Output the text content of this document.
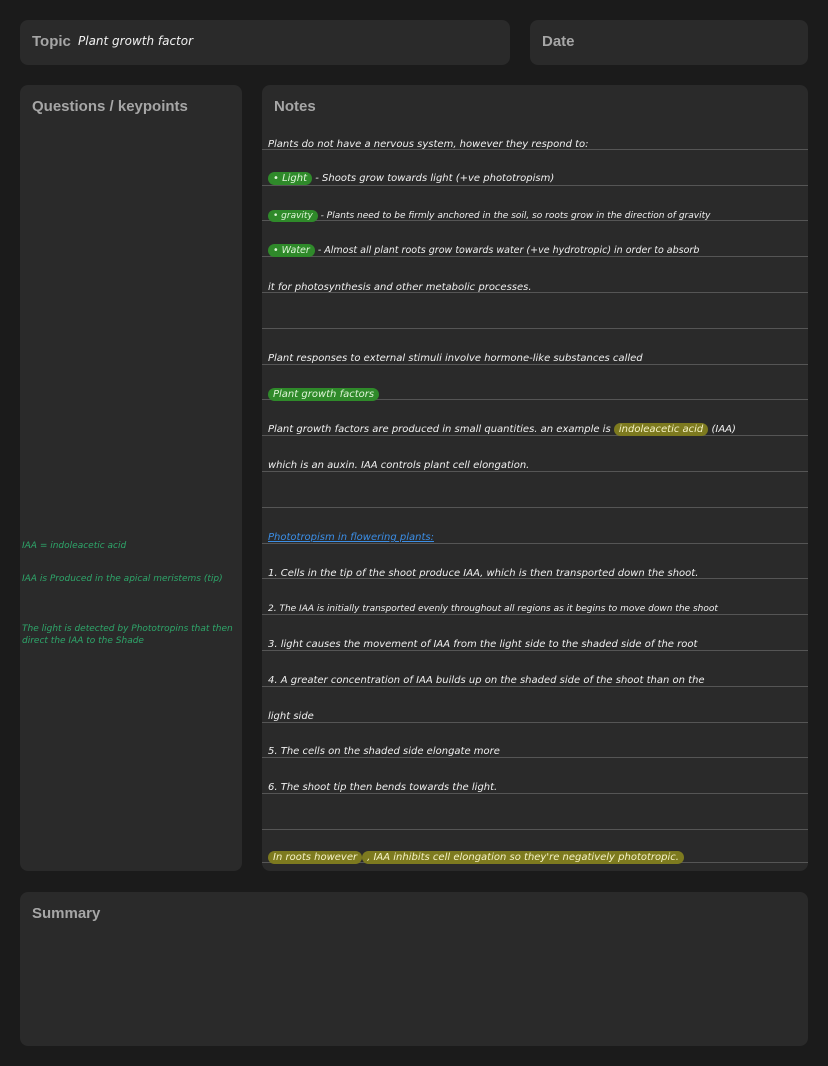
Topic Plant growth factor	Date
Questions / keypoints
IAA = indoleacetic acid
IAA is Produced in the apical meristems (tip)
The light is detected by Phototropins that then direct the IAA to the Shade
Notes
Plants do not have a nervous system, however they respond to:
• Light - Shoots grow towards light (+ve phototropism)
• gravity - Plants need to be firmly anchored in the soil, so roots grow in the direction of gravity
• Water - Almost all plant roots grow towards water (+ve hydrotropic) in order to absorb
it for photosynthesis and other metabolic processes.
Plant responses to external stimuli involve hormone-like substances called
Plant growth factors
Plant growth factors are produced in small quantities. an example is indoleacetic acid (IAA)
which is an auxin. IAA controls plant cell elongation.
Phototropism in flowering plants:
1. Cells in the tip of the shoot produce IAA, which is then transported down the shoot.
2. The IAA is initially transported evenly throughout all regions as it begins to move down the shoot
3. light causes the movement of IAA from the light side to the shaded side of the root
4. A greater concentration of IAA builds up on the shaded side of the shoot than on the
light side
5. The cells on the shaded side elongate more
6. The shoot tip then bends towards the light.
In roots however , IAA inhibits cell elongation so they're negatively phototropic.
Summary
